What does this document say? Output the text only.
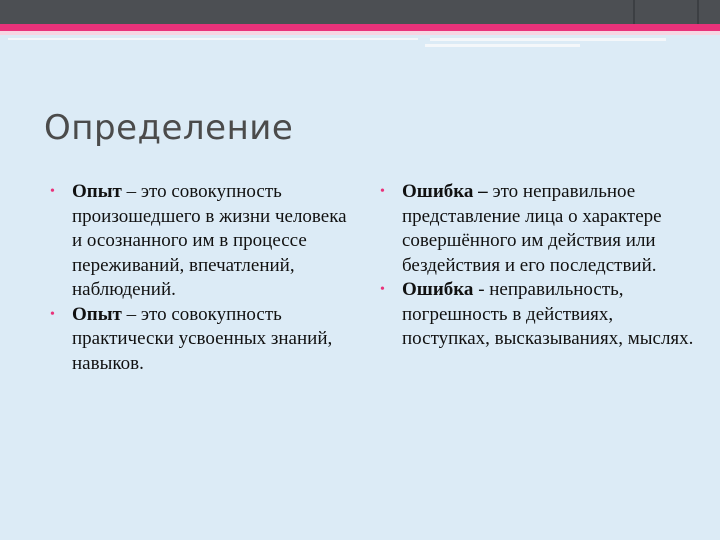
Определение
• Опыт – это совокупность произошедшего в жизни человека и осознанного им в процессе переживаний, впечатлений, наблюдений.
• Опыт – это совокупность практически усвоенных знаний, навыков.
• Ошибка – это неправильное представление лица о характере совершённого им действия или бездействия и его последствий.
• Ошибка - неправильность, погрешность в действиях, поступках, высказываниях, мыслях.
